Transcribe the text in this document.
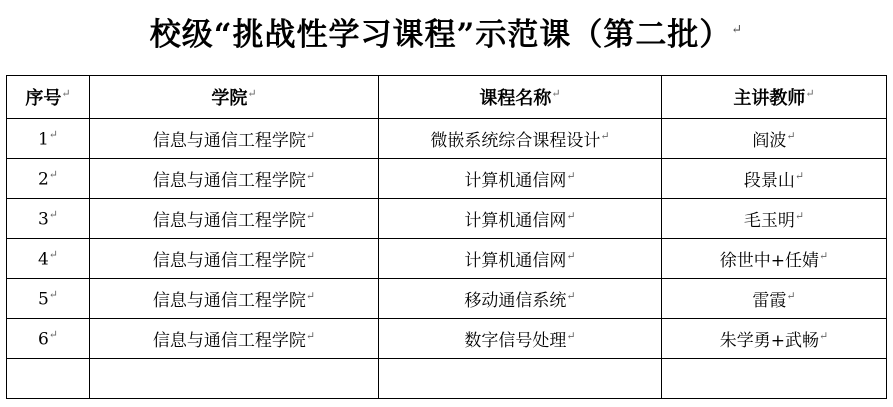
校级“挑战性学习课程”示范课（第二批）↵
序号↵	学院↵	课程名称↵	主讲教师↵
1↵	信息与通信工程学院↵	微嵌系统综合课程设计↵	阎波↵
2↵	信息与通信工程学院↵	计算机通信网↵	段景山↵
3↵	信息与通信工程学院↵	计算机通信网↵	毛玉明↵
4↵	信息与通信工程学院↵	计算机通信网↵	徐世中+任婧↵
5↵	信息与通信工程学院↵	移动通信系统↵	雷霞↵
6↵	信息与通信工程学院↵	数字信号处理↵	朱学勇+武畅↵
